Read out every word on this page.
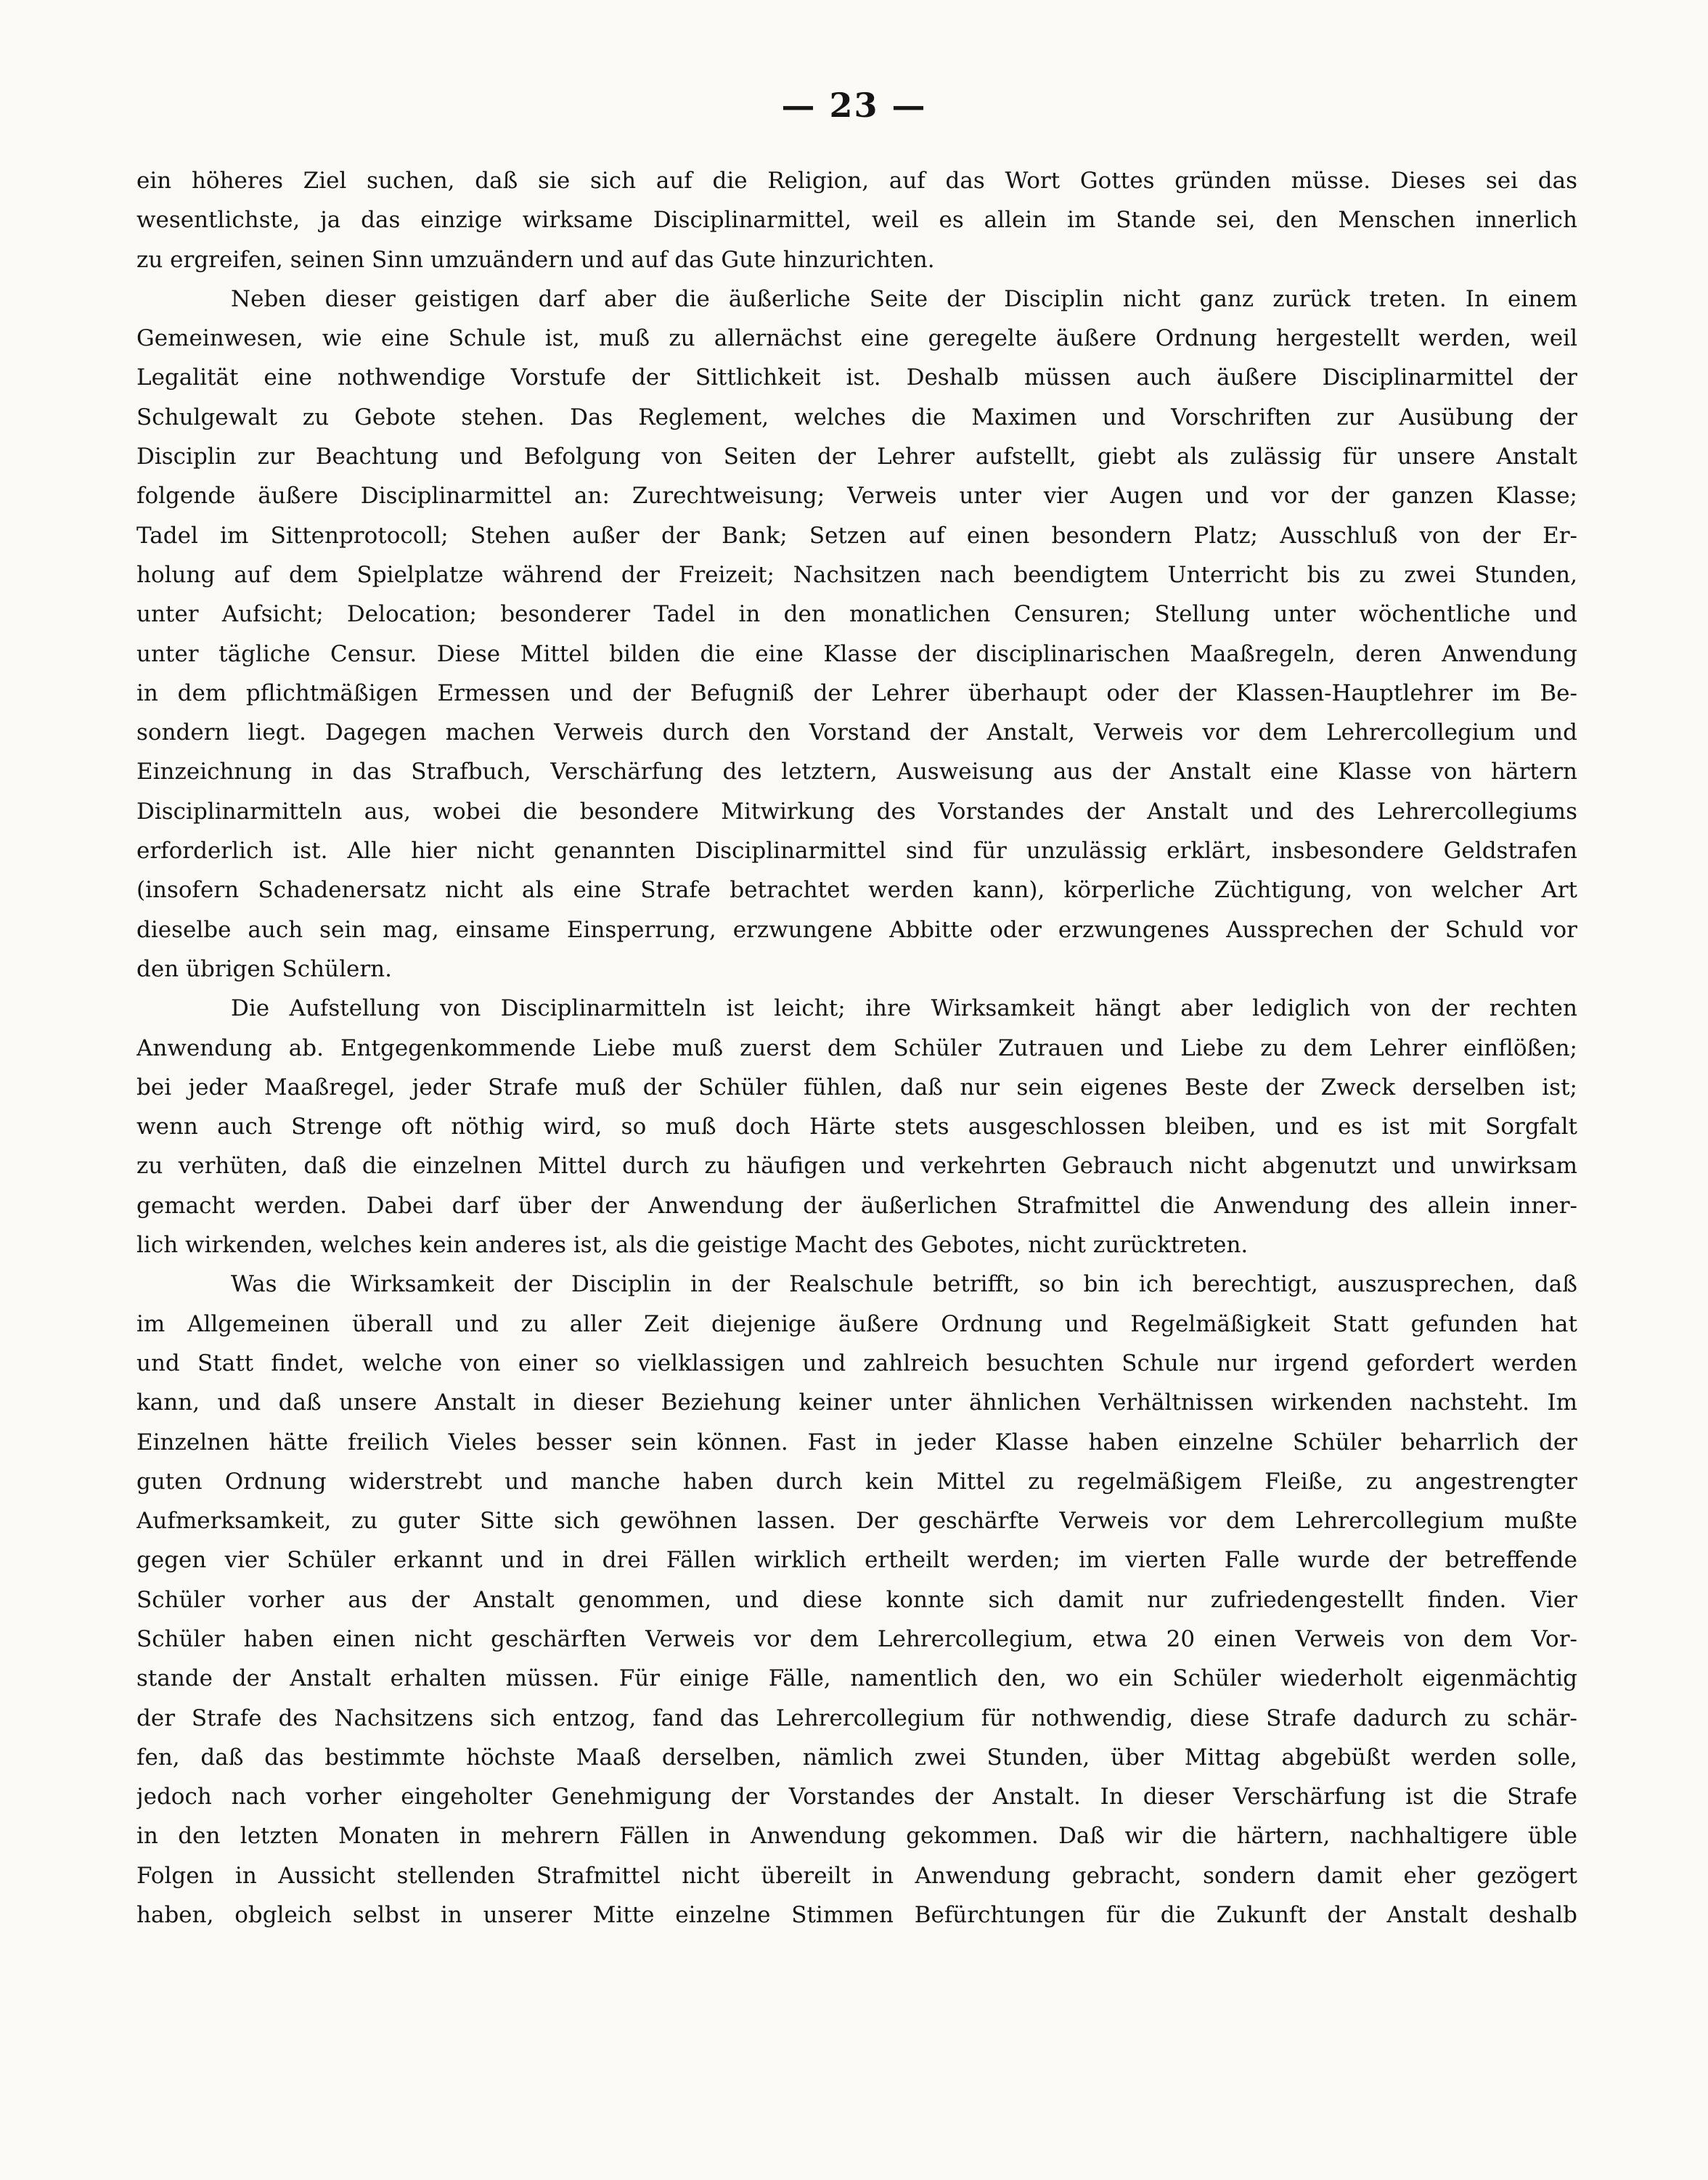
— 23 —
ein höheres Ziel suchen, daß sie sich auf die Religion, auf das Wort Gottes gründen müsse. Dieses sei das
wesentlichste, ja das einzige wirksame Disciplinarmittel, weil es allein im Stande sei, den Menschen innerlich
zu ergreifen, seinen Sinn umzuändern und auf das Gute hinzurichten.
Neben dieser geistigen darf aber die äußerliche Seite der Disciplin nicht ganz zurück treten. In einem
Gemeinwesen, wie eine Schule ist, muß zu allernächst eine geregelte äußere Ordnung hergestellt werden, weil
Legalität eine nothwendige Vorstufe der Sittlichkeit ist. Deshalb müssen auch äußere Disciplinarmittel der
Schulgewalt zu Gebote stehen. Das Reglement, welches die Maximen und Vorschriften zur Ausübung der
Disciplin zur Beachtung und Befolgung von Seiten der Lehrer aufstellt, giebt als zulässig für unsere Anstalt
folgende äußere Disciplinarmittel an: Zurechtweisung; Verweis unter vier Augen und vor der ganzen Klasse;
Tadel im Sittenprotocoll; Stehen außer der Bank; Setzen auf einen besondern Platz; Ausschluß von der Er-
holung auf dem Spielplatze während der Freizeit; Nachsitzen nach beendigtem Unterricht bis zu zwei Stunden,
unter Aufsicht; Delocation; besonderer Tadel in den monatlichen Censuren; Stellung unter wöchentliche und
unter tägliche Censur. Diese Mittel bilden die eine Klasse der disciplinarischen Maaßregeln, deren Anwendung
in dem pflichtmäßigen Ermessen und der Befugniß der Lehrer überhaupt oder der Klassen-Hauptlehrer im Be-
sondern liegt. Dagegen machen Verweis durch den Vorstand der Anstalt, Verweis vor dem Lehrercollegium und
Einzeichnung in das Strafbuch, Verschärfung des letztern, Ausweisung aus der Anstalt eine Klasse von härtern
Disciplinarmitteln aus, wobei die besondere Mitwirkung des Vorstandes der Anstalt und des Lehrercollegiums
erforderlich ist. Alle hier nicht genannten Disciplinarmittel sind für unzulässig erklärt, insbesondere Geldstrafen
(insofern Schadenersatz nicht als eine Strafe betrachtet werden kann), körperliche Züchtigung, von welcher Art
dieselbe auch sein mag, einsame Einsperrung, erzwungene Abbitte oder erzwungenes Aussprechen der Schuld vor
den übrigen Schülern.
Die Aufstellung von Disciplinarmitteln ist leicht; ihre Wirksamkeit hängt aber lediglich von der rechten
Anwendung ab. Entgegenkommende Liebe muß zuerst dem Schüler Zutrauen und Liebe zu dem Lehrer einflößen;
bei jeder Maaßregel, jeder Strafe muß der Schüler fühlen, daß nur sein eigenes Beste der Zweck derselben ist;
wenn auch Strenge oft nöthig wird, so muß doch Härte stets ausgeschlossen bleiben, und es ist mit Sorgfalt
zu verhüten, daß die einzelnen Mittel durch zu häufigen und verkehrten Gebrauch nicht abgenutzt und unwirksam
gemacht werden. Dabei darf über der Anwendung der äußerlichen Strafmittel die Anwendung des allein inner-
lich wirkenden, welches kein anderes ist, als die geistige Macht des Gebotes, nicht zurücktreten.
Was die Wirksamkeit der Disciplin in der Realschule betrifft, so bin ich berechtigt, auszusprechen, daß
im Allgemeinen überall und zu aller Zeit diejenige äußere Ordnung und Regelmäßigkeit Statt gefunden hat
und Statt findet, welche von einer so vielklassigen und zahlreich besuchten Schule nur irgend gefordert werden
kann, und daß unsere Anstalt in dieser Beziehung keiner unter ähnlichen Verhältnissen wirkenden nachsteht. Im
Einzelnen hätte freilich Vieles besser sein können. Fast in jeder Klasse haben einzelne Schüler beharrlich der
guten Ordnung widerstrebt und manche haben durch kein Mittel zu regelmäßigem Fleiße, zu angestrengter
Aufmerksamkeit, zu guter Sitte sich gewöhnen lassen. Der geschärfte Verweis vor dem Lehrercollegium mußte
gegen vier Schüler erkannt und in drei Fällen wirklich ertheilt werden; im vierten Falle wurde der betreffende
Schüler vorher aus der Anstalt genommen, und diese konnte sich damit nur zufriedengestellt finden. Vier
Schüler haben einen nicht geschärften Verweis vor dem Lehrercollegium, etwa 20 einen Verweis von dem Vor-
stande der Anstalt erhalten müssen. Für einige Fälle, namentlich den, wo ein Schüler wiederholt eigenmächtig
der Strafe des Nachsitzens sich entzog, fand das Lehrercollegium für nothwendig, diese Strafe dadurch zu schär-
fen, daß das bestimmte höchste Maaß derselben, nämlich zwei Stunden, über Mittag abgebüßt werden solle,
jedoch nach vorher eingeholter Genehmigung der Vorstandes der Anstalt. In dieser Verschärfung ist die Strafe
in den letzten Monaten in mehrern Fällen in Anwendung gekommen. Daß wir die härtern, nachhaltigere üble
Folgen in Aussicht stellenden Strafmittel nicht übereilt in Anwendung gebracht, sondern damit eher gezögert
haben, obgleich selbst in unserer Mitte einzelne Stimmen Befürchtungen für die Zukunft der Anstalt deshalb
